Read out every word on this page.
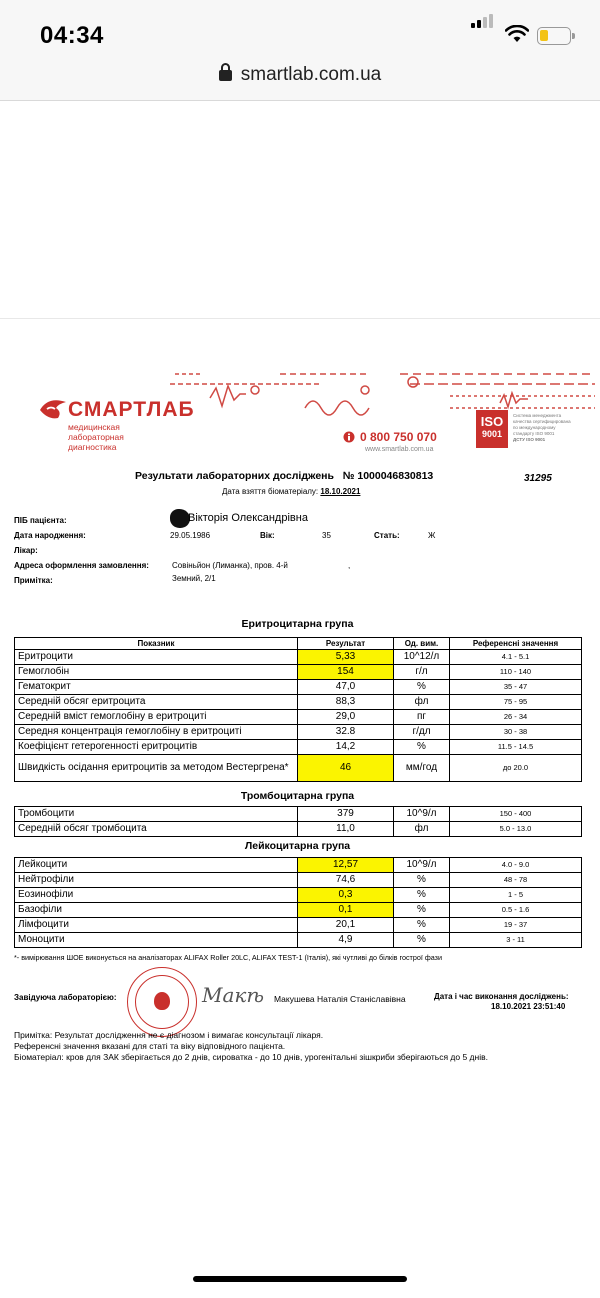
04:34
smartlab.com.ua
СМАРТЛАБ
медицинская
лабораторная
диагностика
0 800 750 070
www.smartlab.com.ua
ISO
9001
Система менеджмента
качества сертифицирована
по международному
стандарту ISO 9001
ДСТУ ISO 9001
Результати лабораторних досліджень № 1000046830813	31295
Дата взяття біоматеріалу: 18.10.2021
ПІБ пацієнта:	Вікторія Олександрівна
Дата народження:	29.05.1986	Вік:	35	Стать:	Ж
Лікар:
Адреса оформлення замовлення:	Совіньйон (Лиманка), пров. 4-й	,
Земний, 2/1
Примітка:
Еритроцитарна група
Показник	Результат	Од. вим.	Референсні значення
Еритроцити	5,33	10^12/л	4.1 - 5.1
Гемоглобін	154	г/л	110 - 140
Гематокрит	47,0	%	35 - 47
Середній обсяг еритроцита	88,3	фл	75 - 95
Середній вміст гемоглобіну в еритроциті	29,0	пг	26 - 34
Середня концентрація гемоглобіну в еритроциті	32.8	г/дл	30 - 38
Коефіцієнт гетерогенності еритроцитів	14,2	%	11.5 - 14.5
Швидкість осідання еритроцитів за методом Вестергрена*	46	мм/год	до 20.0
Тромбоцитарна група
Тромбоцити	379	10^9/л	150 - 400
Середній обсяг тромбоцита	11,0	фл	5.0 - 13.0
Лейкоцитарна група
Лейкоцити	12,57	10^9/л	4.0 - 9.0
Нейтрофіли	74,6	%	48 - 78
Еозинофіли	0,3	%	1 - 5
Базофіли	0,1	%	0.5 - 1.6
Лімфоцити	20,1	%	19 - 37
Моноцити	4,9	%	3 - 11
*- вимірювання ШОЕ виконується на аналізаторах ALIFAX Roller 20LC, ALIFAX TEST-1 (Італія), які чутливі до білків гострої фази
Завідуюча лабораторією:	Макѣ Макушева Наталія Станіславівна	Дата і час виконання досліджень:
18.10.2021 23:51:40
Примітка: Результат дослідження не є діагнозом і вимагає консультації лікаря.
Референсні значення вказані для статі та віку відповідного пацієнта.
Біоматеріал: кров для ЗАК зберігається до 2 днів, сироватка - до 10 днів, урогенітальні зішкриби зберігаються до 5 днів.
